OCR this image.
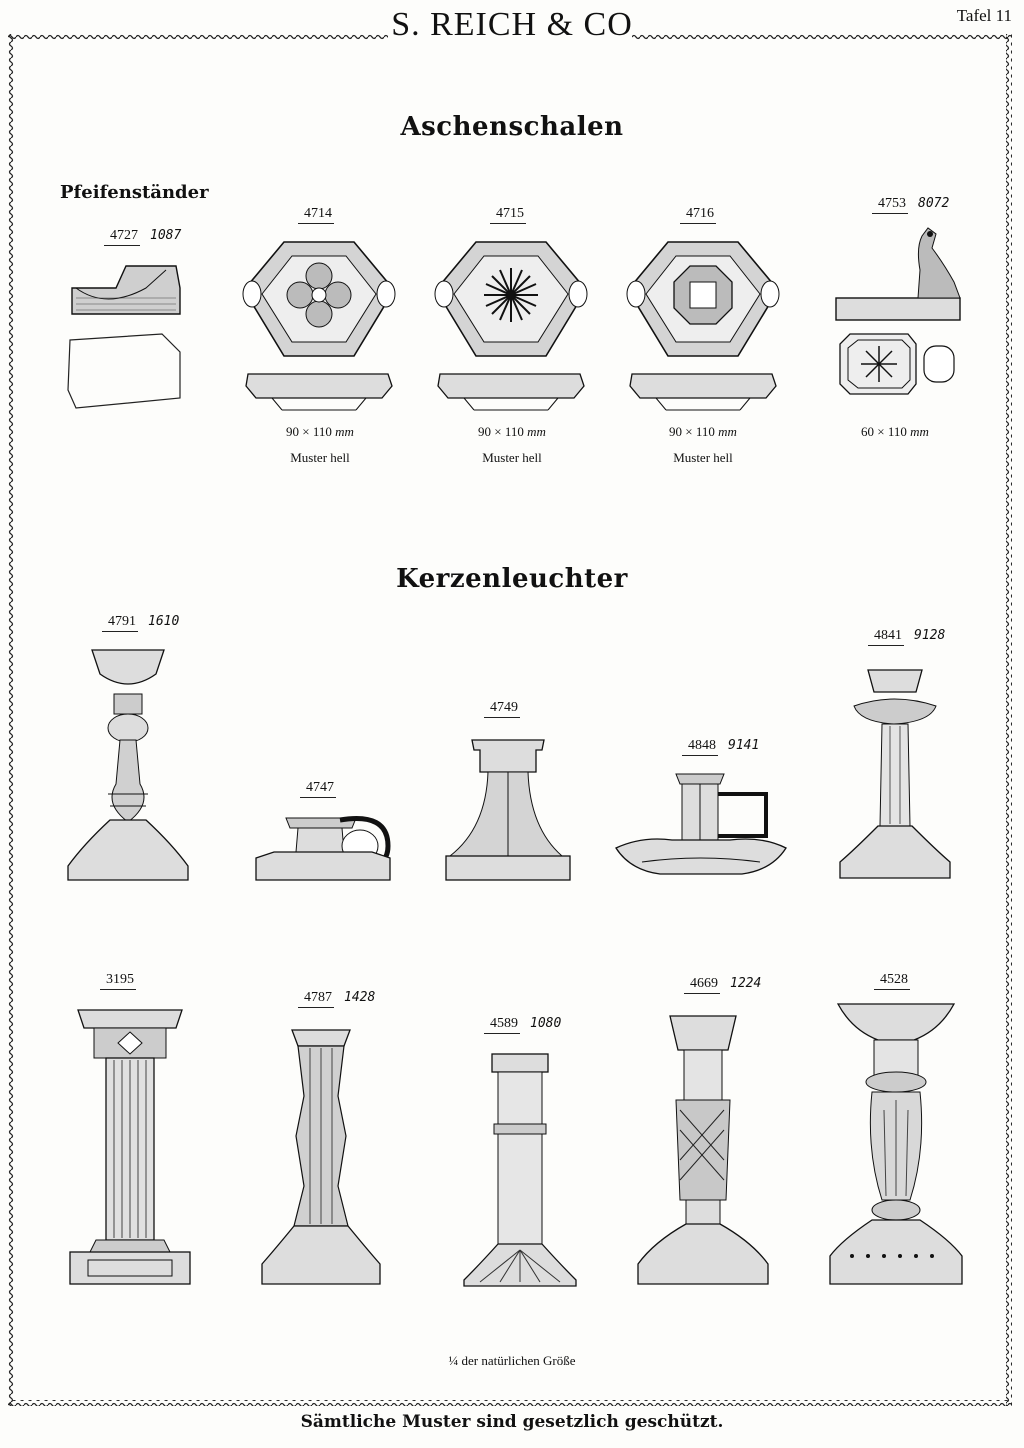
S. REICH & CO	Tafel 11
Aschenschalen
Pfeifenständer
Kerzenleuchter
4727 1087
4714
90 × 110 mm
Muster hell
4715
90 × 110 mm
Muster hell
4716
90 × 110 mm
Muster hell
4753 8072
60 × 110 mm
4791 1610
4747
4749
4848 9141
4841 9128
3195
4787 1428
4589 1080
4669 1224	4528
¼ der natürlichen Größe
Sämtliche Muster sind gesetzlich geschützt.
